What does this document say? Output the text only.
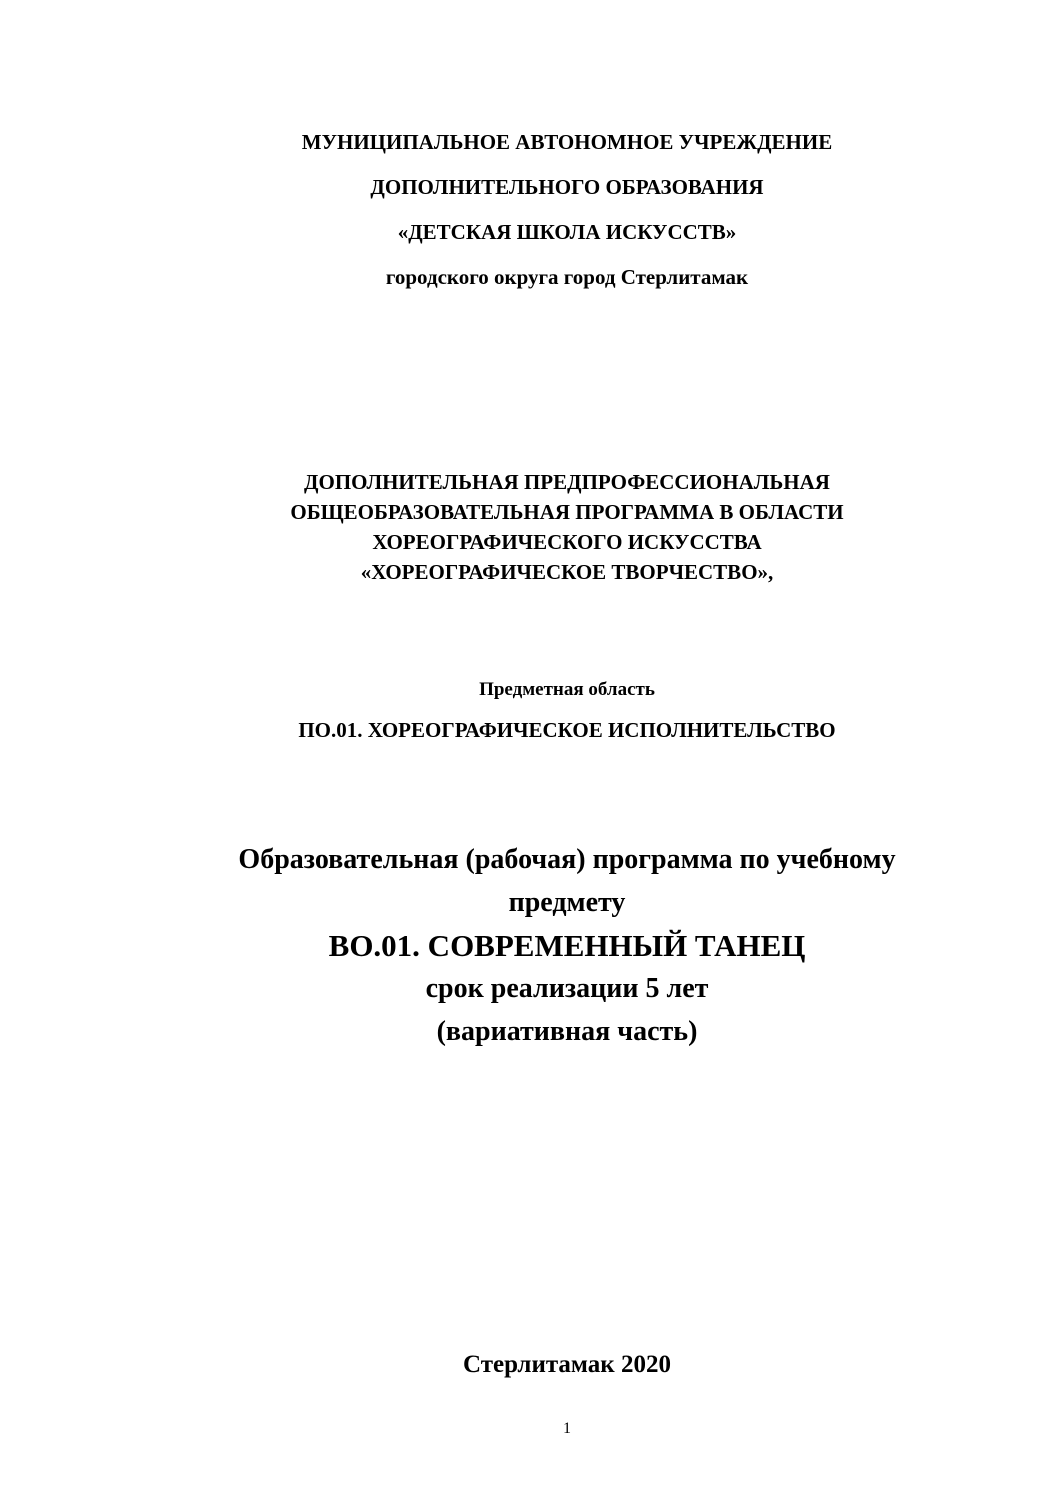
МУНИЦИПАЛЬНОЕ АВТОНОМНОЕ УЧРЕЖДЕНИЕ
ДОПОЛНИТЕЛЬНОГО ОБРАЗОВАНИЯ
«ДЕТСКАЯ ШКОЛА ИСКУССТВ»
городского округа город Стерлитамак
ДОПОЛНИТЕЛЬНАЯ ПРЕДПРОФЕССИОНАЛЬНАЯ
ОБЩЕОБРАЗОВАТЕЛЬНАЯ ПРОГРАММА В ОБЛАСТИ
ХОРЕОГРАФИЧЕСКОГО ИСКУССТВА
«ХОРЕОГРАФИЧЕСКОЕ ТВОРЧЕСТВО»,
Предметная область
ПО.01. ХОРЕОГРАФИЧЕСКОЕ ИСПОЛНИТЕЛЬСТВО
Образовательная (рабочая) программа по учебному
предмету
ВО.01. СОВРЕМЕННЫЙ ТАНЕЦ
срок реализации 5 лет
(вариативная часть)
Стерлитамак 2020
1
